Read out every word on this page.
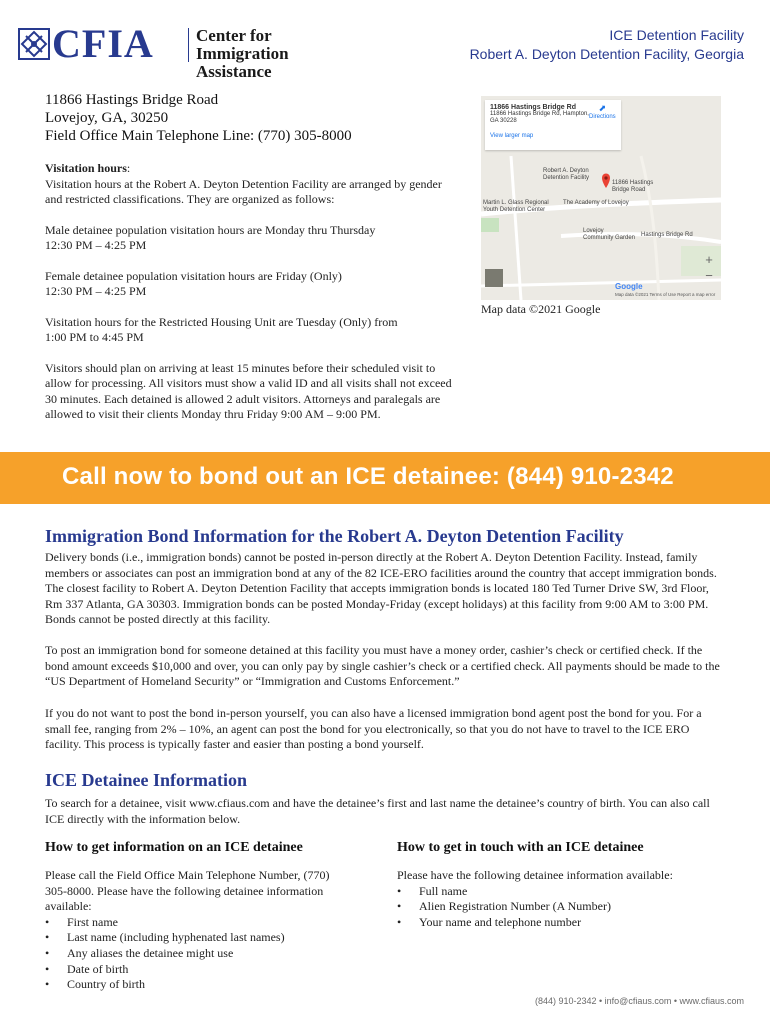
CFIA Center for
Immigration Assistance
ICE Detention Facility
Robert A. Deyton Detention Facility, Georgia
11866 Hastings Bridge Road
Lovejoy, GA, 30250
Field Office Main Telephone Line: (770) 305-8000

Visitation hours:
Visitation hours at the Robert A. Deyton Detention Facility are arranged by gender and restricted classifications. They are organized as follows:

Male detainee population visitation hours are Monday thru Thursday
12:30 PM – 4:25 PM

Female detainee population visitation hours are Friday (Only)
12:30 PM – 4:25 PM

Visitation hours for the Restricted Housing Unit are Tuesday (Only) from
1:00 PM to 4:45 PM

Visitors should plan on arriving at least 15 minutes before their scheduled visit to allow for processing. All visitors must show a valid ID and all visits shall not exceed 30 minutes. Each detained is allowed 2 adult visitors. Attorneys and paralegals are allowed to visit their clients Monday thru Friday 9:00 AM – 9:00 PM.

11866 Hastings Bridge Rd
11866 Hastings Bridge Rd, Hampton,
GA 30228
View larger map
⬈
Directions
Robert A. Deyton
Detention Facility
11866 Hastings
Bridge Road
Martin L. Glass Regional
Youth Detention Center
The Academy of Lovejoy
Lovejoy
Community Garden Hastings Bridge Rd
+
−
Google
Map data ©2021 Terms of Use Report a map error
Map data ©2021 Google
Call now to bond out an ICE detainee: (844) 910-2342
Immigration Bond Information for the Robert A. Deyton Detention Facility
Delivery bonds (i.e., immigration bonds) cannot be posted in-person directly at the Robert A. Deyton Detention Facility. Instead, family members or associates can post an immigration bond at any of the 82 ICE-ERO facilities around the country that accept immigration bonds. The closest facility to Robert A. Deyton Detention Facility that accepts immigration bonds is located 180 Ted Turner Drive SW, 3rd Floor, Rm 337 Atlanta, GA 30303. Immigration bonds can be posted Monday-Friday (except holidays) at this facility from 9:00 AM to 3:00 PM. Bonds cannot be posted directly at this facility.
To post an immigration bond for someone detained at this facility you must have a money order, cashier’s check or certified check. If the bond amount exceeds $10,000 and over, you can only pay by single cashier’s check or a certified check. All payments should be made to the “US Department of Homeland Security” or “Immigration and Customs Enforcement.”
If you do not want to post the bond in-person yourself, you can also have a licensed immigration bond agent post the bond for you. For a small fee, ranging from 2% – 10%, an agent can post the bond for you electronically, so that you do not have to travel to the ICE ERO facility. This process is typically faster and easier than posting a bond yourself.
ICE Detainee Information
To search for a detainee, visit www.cfiaus.com and have the detainee’s first and last name the detainee’s country of birth. You can also call ICE directly with the information below.
How to get information on an ICE detainee
Please call the Field Office Main Telephone Number, (770) 305-8000. Please have the following detainee information available:
• First name
• Last name (including hyphenated last names)
• Any aliases the detainee might use
• Date of birth
• Country of birth
How to get in touch with an ICE detainee
Please have the following detainee information available:
• Full name
• Alien Registration Number (A Number)
• Your name and telephone number
(844) 910-2342 • info@cfiaus.com • www.cfiaus.com
